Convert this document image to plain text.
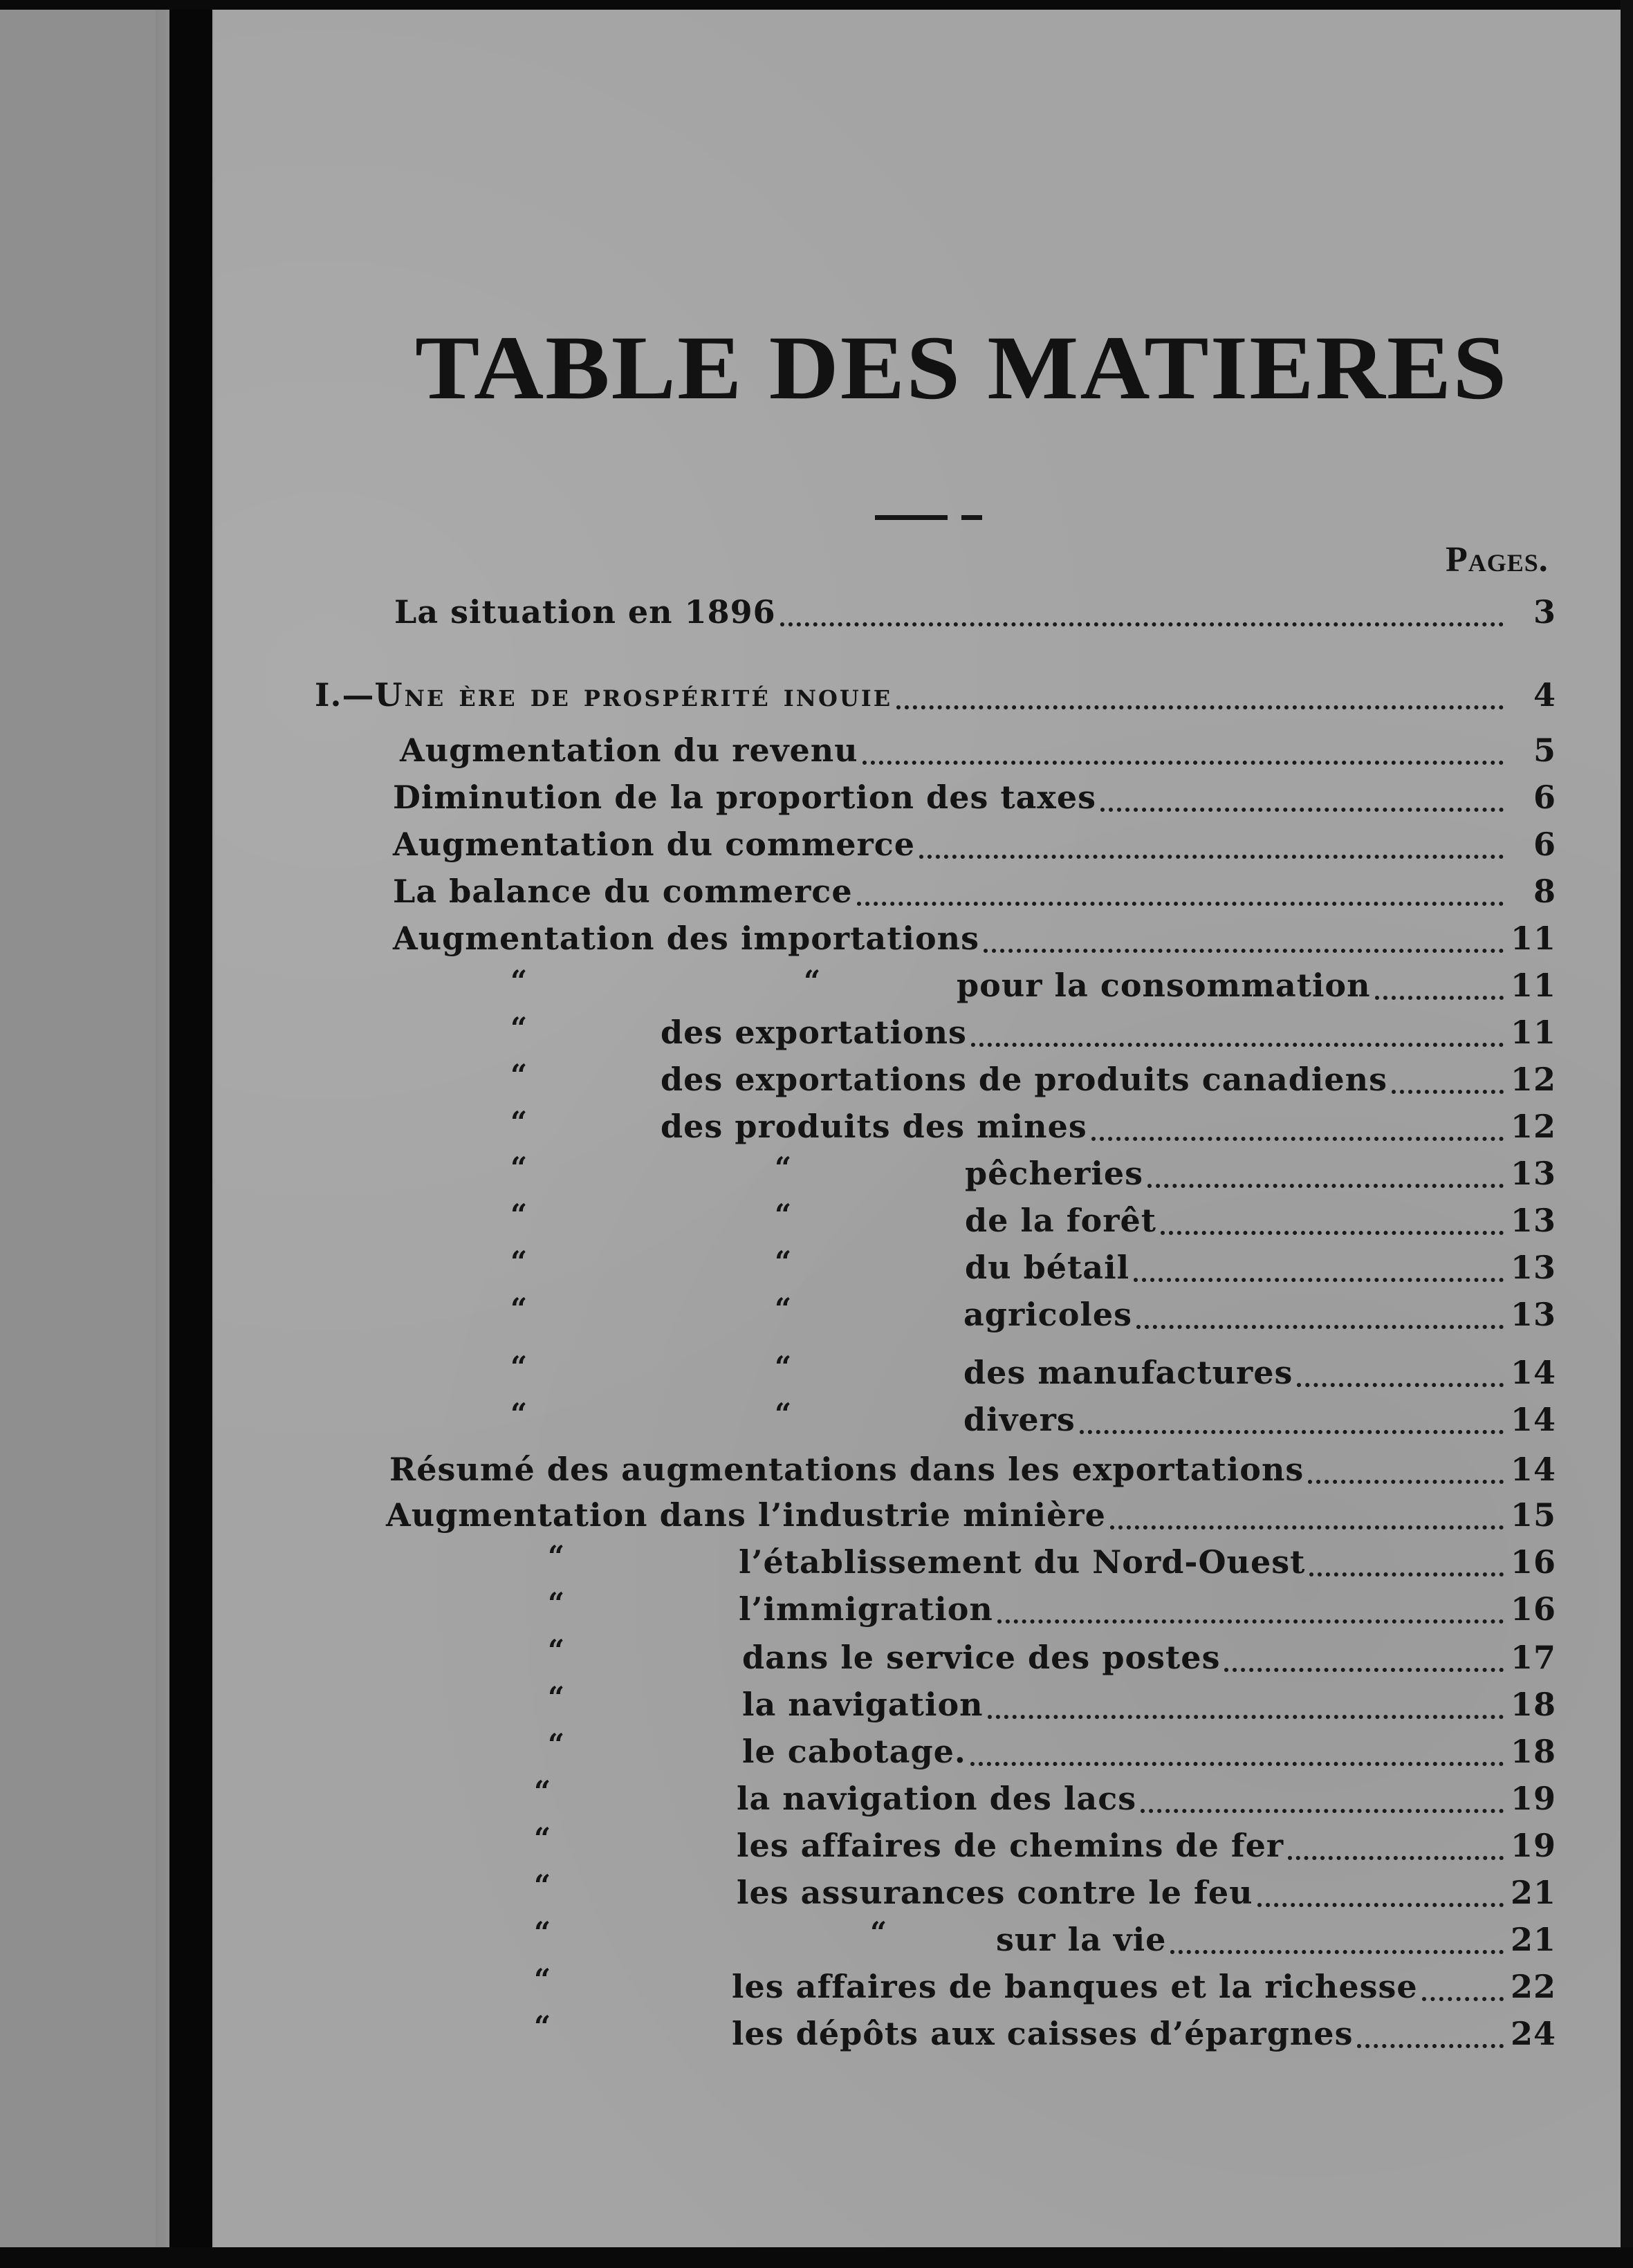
TABLE DES MATIERES
Pages.
La situation en 1896	3
I.— Une ère de prospérité inouie	4
Augmentation du revenu	5
Diminution de la proportion des taxes	6
Augmentation du commerce	6
La balance du commerce	8
Augmentation des importations	11
“	“	pour la consommation	11
“	des exportations	11
“	des exportations de produits canadiens	12
“	des produits des mines	12
“	“	pêcheries	13
“	“	de la forêt	13
“	“	du bétail	13
“	“	agricoles	13
“	“	des manufactures	14
“	“	divers	14
Résumé des augmentations dans les exportations	14
Augmentation dans l’industrie minière	15
“	l’établissement du Nord-Ouest	16
“	l’immigration	16
“	dans le service des postes	17
“	la navigation	18
“	le cabotage.	18
“	la navigation des lacs	19
“	les affaires de chemins de fer	19
“	les assurances contre le feu	21
“	“	sur la vie	21
“	les affaires de banques et la richesse	22
“	les dépôts aux caisses d’épargnes	24
